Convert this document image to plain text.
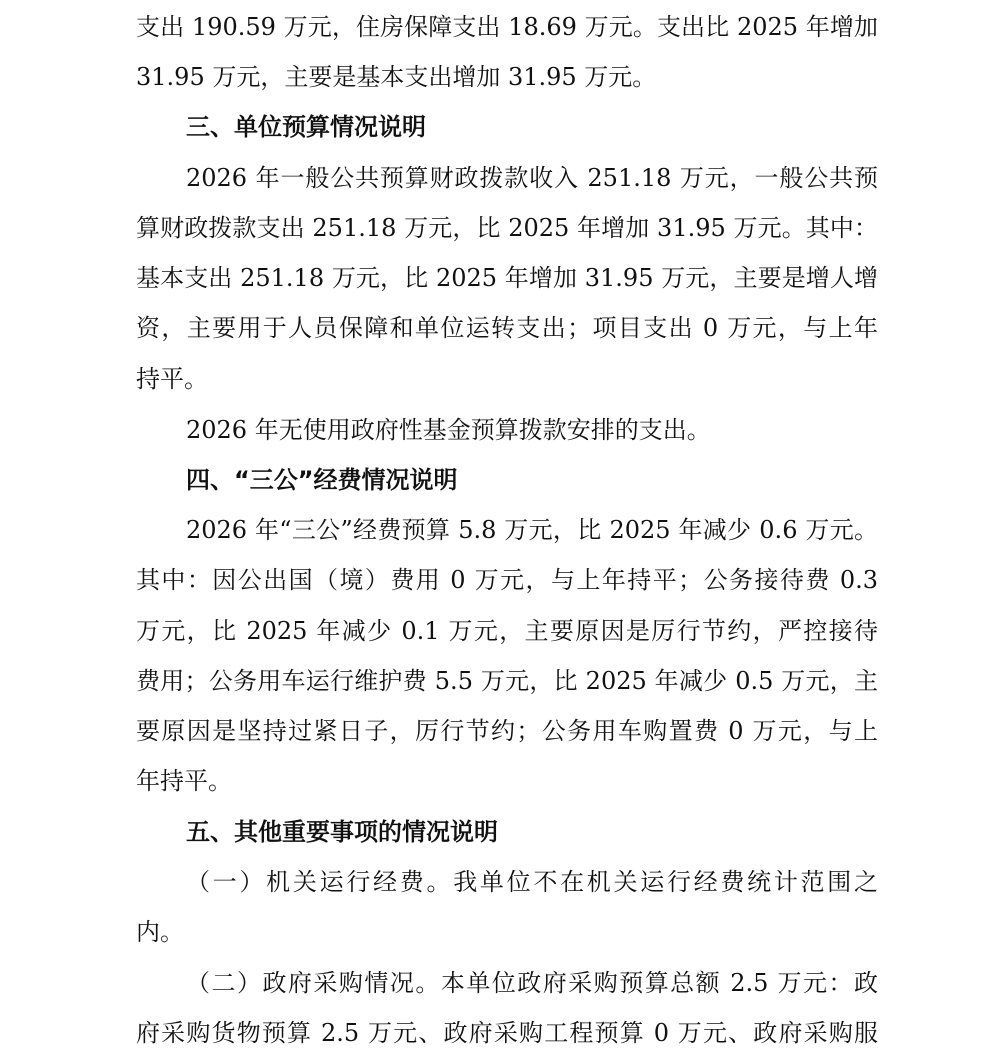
支出 190.59 万元，住房保障支出 18.69 万元。支出比 2025 年增加
31.95 万元，主要是基本支出增加 31.95 万元。
三、单位预算情况说明
2026 年一般公共预算财政拨款收入 251.18 万元，一般公共预
算财政拨款支出 251.18 万元，比 2025 年增加 31.95 万元。其中：
基本支出 251.18 万元，比 2025 年增加 31.95 万元，主要是增人增
资，主要用于人员保障和单位运转支出；项目支出 0 万元，与上年
持平。
2026 年无使用政府性基金预算拨款安排的支出。
四、“三公”经费情况说明
2026 年“三公”经费预算 5.8 万元，比 2025 年减少 0.6 万元。
其中：因公出国（境）费用 0 万元，与上年持平；公务接待费 0.3
万元，比 2025 年减少 0.1 万元，主要原因是厉行节约，严控接待
费用；公务用车运行维护费 5.5 万元，比 2025 年减少 0.5 万元，主
要原因是坚持过紧日子，厉行节约；公务用车购置费 0 万元，与上
年持平。
五、其他重要事项的情况说明
（一）机关运行经费。我单位不在机关运行经费统计范围之
内。
（二）政府采购情况。本单位政府采购预算总额 2.5 万元：政
府采购货物预算 2.5 万元、政府采购工程预算 0 万元、政府采购服
